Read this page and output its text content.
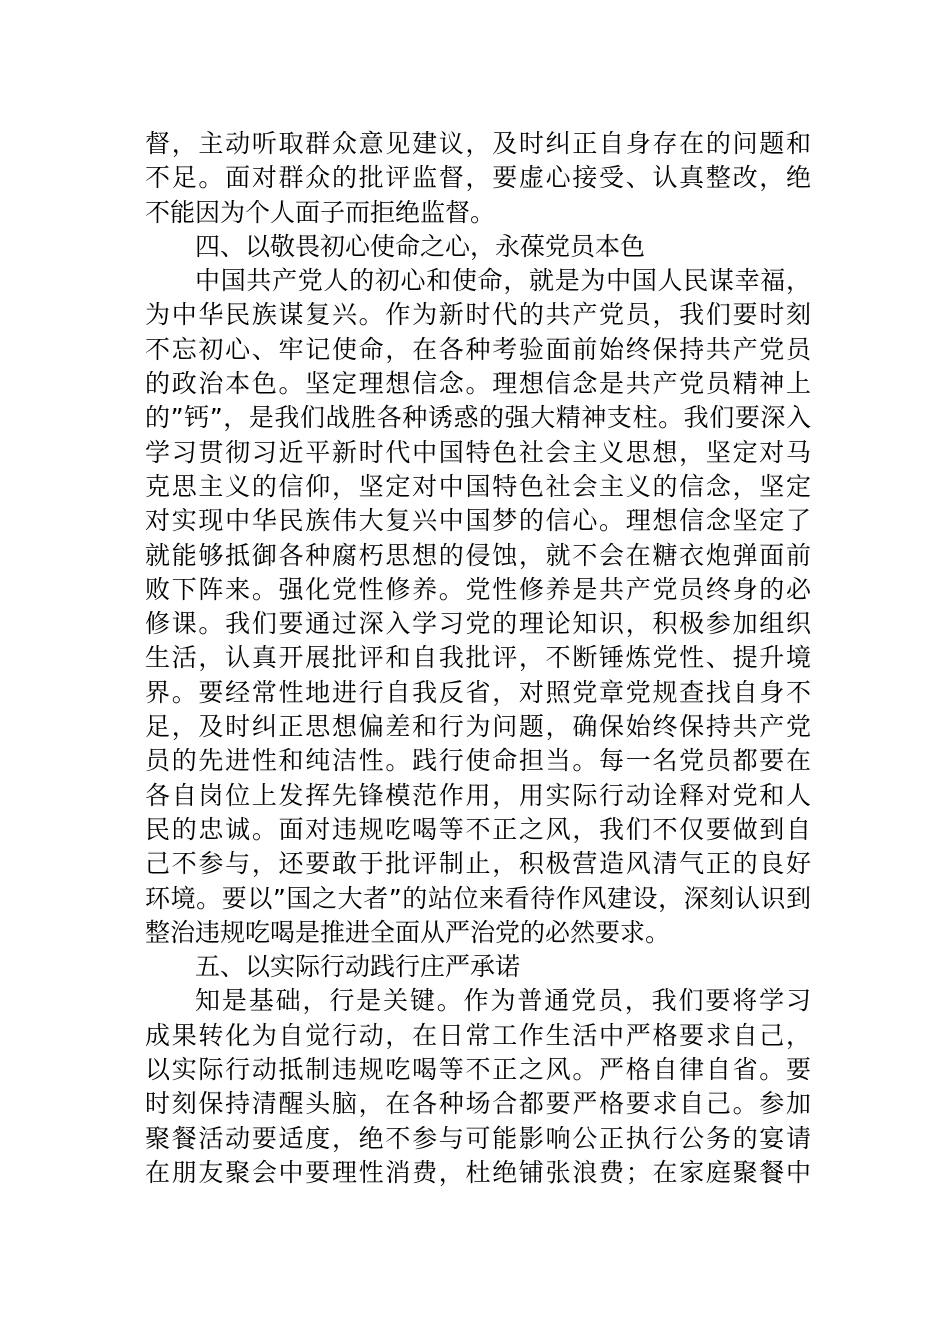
督，主动听取群众意见建议，及时纠正自身存在的问题和
不足。面对群众的批评监督，要虚心接受、认真整改，绝
不能因为个人面子而拒绝监督。
四、以敬畏初心使命之心，永葆党员本色
中国共产党人的初心和使命，就是为中国人民谋幸福，
为中华民族谋复兴。作为新时代的共产党员，我们要时刻
不忘初心、牢记使命，在各种考验面前始终保持共产党员
的政治本色。坚定理想信念。理想信念是共产党员精神上
的”钙”，是我们战胜各种诱惑的强大精神支柱。我们要深入
学习贯彻习近平新时代中国特色社会主义思想，坚定对马
克思主义的信仰，坚定对中国特色社会主义的信念，坚定
对实现中华民族伟大复兴中国梦的信心。理想信念坚定了
就能够抵御各种腐朽思想的侵蚀，就不会在糖衣炮弹面前
败下阵来。强化党性修养。党性修养是共产党员终身的必
修课。我们要通过深入学习党的理论知识，积极参加组织
生活，认真开展批评和自我批评，不断锤炼党性、提升境
界。要经常性地进行自我反省，对照党章党规查找自身不
足，及时纠正思想偏差和行为问题，确保始终保持共产党
员的先进性和纯洁性。践行使命担当。每一名党员都要在
各自岗位上发挥先锋模范作用，用实际行动诠释对党和人
民的忠诚。面对违规吃喝等不正之风，我们不仅要做到自
己不参与，还要敢于批评制止，积极营造风清气正的良好
环境。要以”国之大者”的站位来看待作风建设，深刻认识到
整治违规吃喝是推进全面从严治党的必然要求。
五、以实际行动践行庄严承诺
知是基础，行是关键。作为普通党员，我们要将学习
成果转化为自觉行动，在日常工作生活中严格要求自己，
以实际行动抵制违规吃喝等不正之风。严格自律自省。要
时刻保持清醒头脑，在各种场合都要严格要求自己。参加
聚餐活动要适度，绝不参与可能影响公正执行公务的宴请
在朋友聚会中要理性消费，杜绝铺张浪费；在家庭聚餐中
